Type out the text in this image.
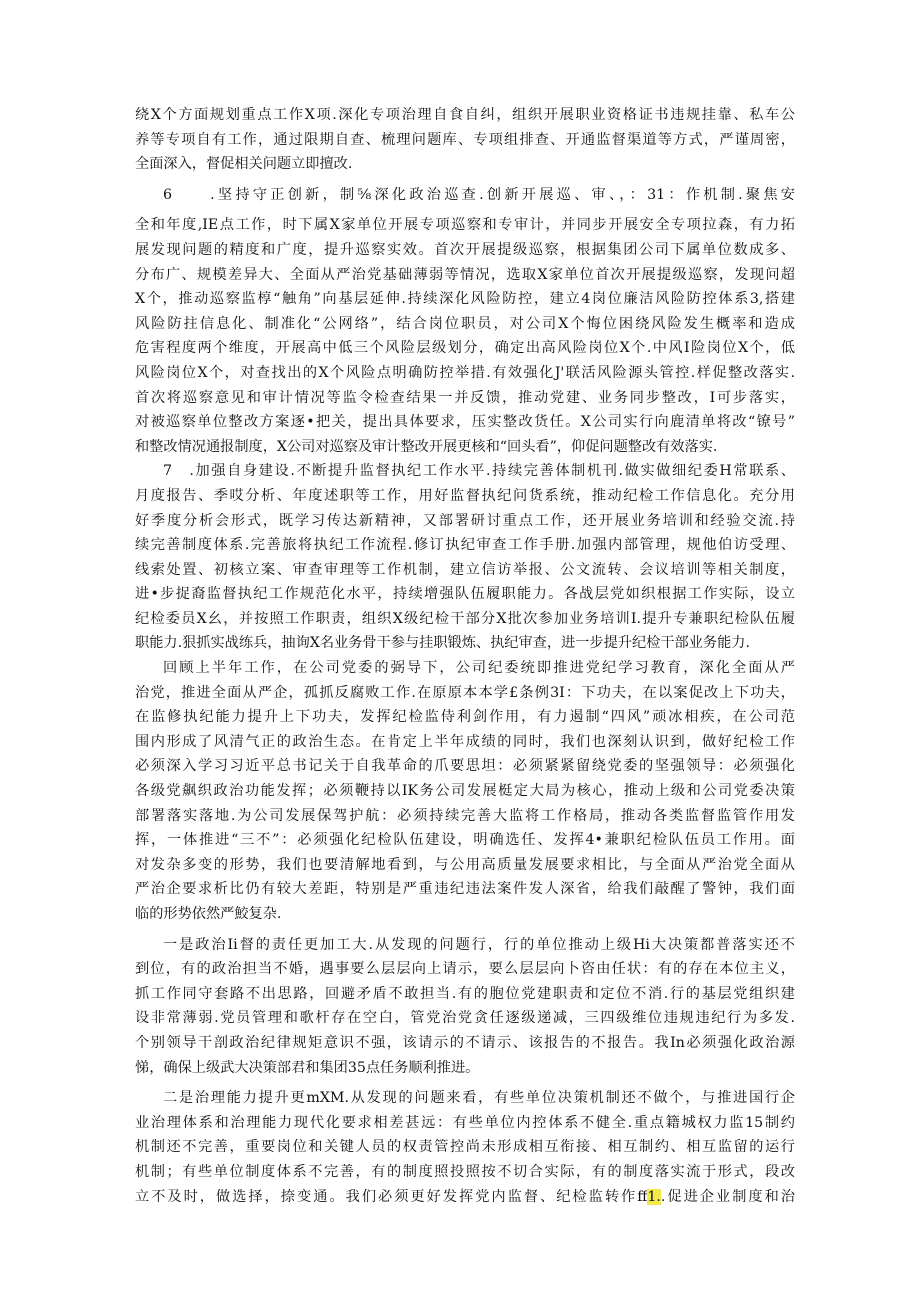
绕X个方面规划重点工作X项.深化专项治理自食自纠，组织开展职业资格证书违规挂靠、私车公
养等专项自有工作，通过限期自查、梳理问题库、专项组排查、开通监督渠道等方式，严谨周密，
全面深入，督促相关问题立即擅改.
6　　.坚持守正创新，制⅝深化政治巡查.创新开展巡、审、，：31：作机制.聚焦安
全和年度,IE点工作，时下属X家单位开展专项巡察和专审计，并同步开展安全专项拉森，有力拓
展发现问题的精度和广度，提升巡察实效。首次开展提级巡察，根据集团公司下属单位数成多、
分布广、规模差异大、全面从严治党基础薄弱等情况，选取X家单位首次开展提级巡察，发现问超
X个，推动巡察监椁“触角”向基层延伸.持续深化风险防控，建立4岗位廉洁风险防控体系3,搭建
风险防拄信息化、制准化“公网络”，结合岗位职员，对公司X个悔位困绕风险发生概率和造成
危害程度两个维度，开展高中低三个风险层级划分，确定出高风险岗位X个.中风I险岗位X个，低
风险岗位X个，对查找出的X个风险点明确防控举措.有效强化J'联活风险源头管控.样促整改落实.
首次将巡察意见和审计情况等监令检查结果一并反馈，推动党建、业务同步整改，I可步落实，
对被巡察单位整改方案逐•把关，提出具体要求，压实整改货任。X公司实行向鹿清单将改“镣号”
和整改情况通报制度，X公司对巡察及审计整改开展更核和“回头看”，仰促问题整改有效落实.
7　.加强自身建设.不断提升监督执纪工作水平.持续完善体制机刊.做实做细纪委H常联系、
月度报告、季哎分析、年度述职等工作，用好监督执纪问货系统，推动纪检工作信息化。充分用
好季度分析会形式，既学习传达新精神，又部署研讨重点工作，还开展业务培训和经验交流.持
续完善制度体系.完善旅将执纪工作流程.修订执纪审查工作手册.加强内部管理，规他伯访受理、
线索处置、初核立案、审查审理等工作机制，建立信访举报、公文流转、会议培训等相关制度，
进•步捉裔监督执纪工作规范化水平，持续增强队伍履职能力。各战层党如织根据工作实际，设立
纪检委员X幺，并按照工作职责，组织X级纪检干部分X批次参加业务培训I.提升专兼职纪检队伍履
职能力.狠抓实战练兵，抽询X名业务骨干参与挂职锻炼、执纪审查，进一步提升纪检干部业务能力.
回顾上半年工作，在公司党委的弼导下，公司纪委统即推进党纪学习教育，深化全面从严
治党，推进全面从严企，孤抓反腐败工作.在原原本本学£条例3I：下功夫，在以案促改上下功夫，
在监修执纪能力提升上下功夫，发挥纪检监侍利剑作用，有力遏制“四风”顽冰相疾，在公司范
围内形成了风清气正的政治生态。在肯定上半年成绩的同时，我们也深刻认识到，做好纪检工作
必须深入学习习近平总书记关于自我革命的爪要思坦：必须紧紧留绕党委的坚强领导：必须强化
各级党飙织政治功能发挥；必须鞭持以IK务公司发展梃定大局为核心，推动上级和公司党委决策
部署落实落地.为公司发展保驾护航：必须持续完善大监将工作格局，推动各类监督监管作用发
挥，一体推进“三不”：必须强化纪检队伍建设，明确选任、发挥4•兼职纪检队伍员工作用。面
对发杂多变的形势，我们也要清解地看到，与公用高质量发展要求相比，与全面从严治党全面从
严治企要求析比仍有较大差距，特别是严重违纪违法案件发人深省，给我们敲醒了警钟，我们面
临的形势依然严鮫复杂.
一是政治Ii督的责任更加工大.从发现的问题行，行的单位推动上级Hi大决策都普落实还不
到位，有的政治担当不婚，遇事要么层层向上请示，要么层层向卜咨由任状：有的存在本位主义，
抓工作同守套路不出思路，回避矛盾不敢担当.有的胞位党建职责和定位不消.行的基层党组织建
设非常薄弱.党员管理和歌杆存在空白，管党治党贪任逐级递减，三四级维位违规违纪行为多发.
个别领导干剖政治纪律规矩意识不强，该请示的不请示、该报告的不报告。我In必须强化政治源
悌，确保上级武大决策部君和集团35点任务顺利推进。
二是治理能力提升更mXM.从发现的问题来看，有些单位决策机制还不做个，与推进国行企
业治理体系和治理能力现代化要求相差甚远：有些单位内控体系不健全.重点籍城权力监15制约
机制还不完善，重要岗位和关键人员的权责管控尚未形成相互衔接、相互制约、相互监留的运行
机制；有些单位制度体系不完善，有的制度照投照按不切合实际，有的制度落实流于形式，段改
立不及时，做选择，捺变通。我们必须更好发挥党内监督、纪检监转作ff1..促进企业制度和治
